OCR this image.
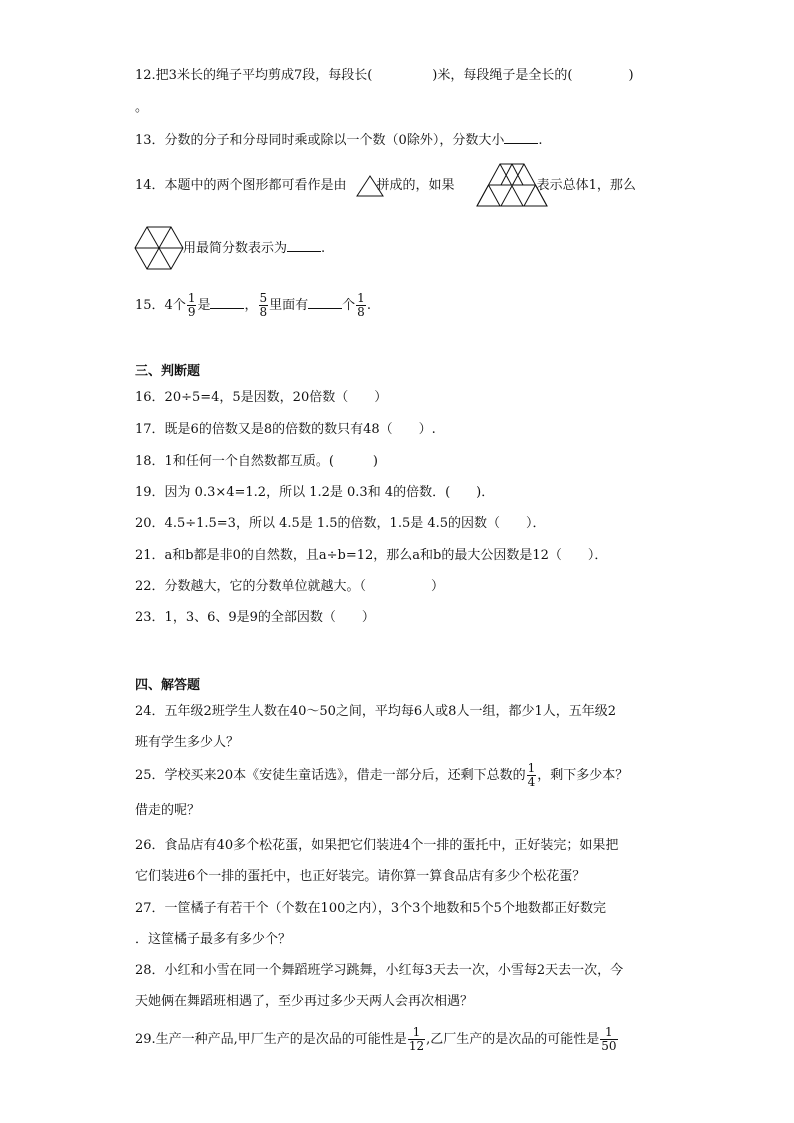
12.把3米长的绳子平均剪成7段，每段长(	)米，每段绳子是全长的(	)
。
13．分数的分子和分母同时乘或除以一个数（0除外），分数大小	.
14．本题中的两个图形都可看作是由 拼成的，如果	表示总体1，那么
用最简分数表示为	.
15．4个 $\frac{1}{9}$ 是	， $\frac{5}{8}$ 里面有	个 $\frac{1}{8}$ .
三、判断题
16．20÷5=4，5是因数，20倍数（　　）
17．既是6的倍数又是8的倍数的数只有48（　　）.
18．1和任何一个自然数都互质。(　　　)
19．因为 0.3×4=1.2，所以 1.2是 0.3和 4的倍数．(　　)．
20．4.5÷1.5=3，所以 4.5是 1.5的倍数，1.5是 4.5的因数（　　）．
21．a和b都是非0的自然数，且a÷b=12，那么a和b的最大公因数是12（　　）．
22．分数越大，它的分数单位就越大。（　　　　　）
23．1，3、6、9是9的全部因数（　　）
四、解答题
24．五年级2班学生人数在40～50之间，平均每6人或8人一组，都少1人，五年级2
班有学生多少人？
25．学校买来20本《安徒生童话选》，借走一部分后，还剩下总数的 $\frac{1}{4}$ ，剩下多少本？
借走的呢？
26．食品店有40多个松花蛋，如果把它们装进4个一排的蛋托中，正好装完；如果把
它们装进6个一排的蛋托中，也正好装完。请你算一算食品店有多少个松花蛋？
27．一筐橘子有若干个（个数在100之内），3个3个地数和5个5个地数都正好数完
．这筐橘子最多有多少个？
28．小红和小雪在同一个舞蹈班学习跳舞，小红每3天去一次，小雪每2天去一次，今
天她俩在舞蹈班相遇了，至少再过多少天两人会再次相遇？
29.生产一种产品,甲厂生产的是次品的可能性是 $\frac{1}{12}$ ,乙厂生产的是次品的可能性是 $\frac{1}{50}$
